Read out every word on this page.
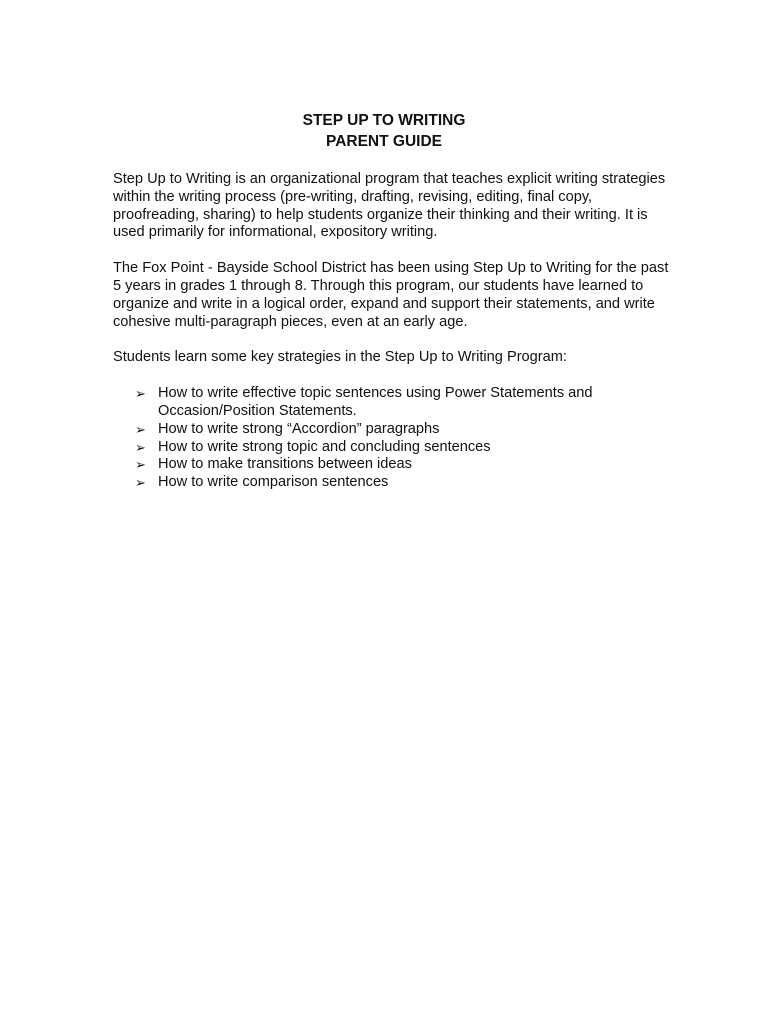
STEP UP TO WRITING

PARENT GUIDE

Step Up to Writing is an organizational program that teaches explicit writing strategies within the writing process (pre-writing, drafting, revising, editing, final copy, proofreading, sharing) to help students organize their thinking and their writing. It is used primarily for informational, expository writing.

The Fox Point - Bayside School District has been using Step Up to Writing for the past 5 years in grades 1 through 8. Through this program, our students have learned to organize and write in a logical order, expand and support their statements, and write cohesive multi-paragraph pieces, even at an early age.

Students learn some key strategies in the Step Up to Writing Program:

➢ How to write effective topic sentences using Power Statements and Occasion/Position Statements.
➢ How to write strong “Accordion” paragraphs
➢ How to write strong topic and concluding sentences
➢ How to make transitions between ideas
➢ How to write comparison sentences
